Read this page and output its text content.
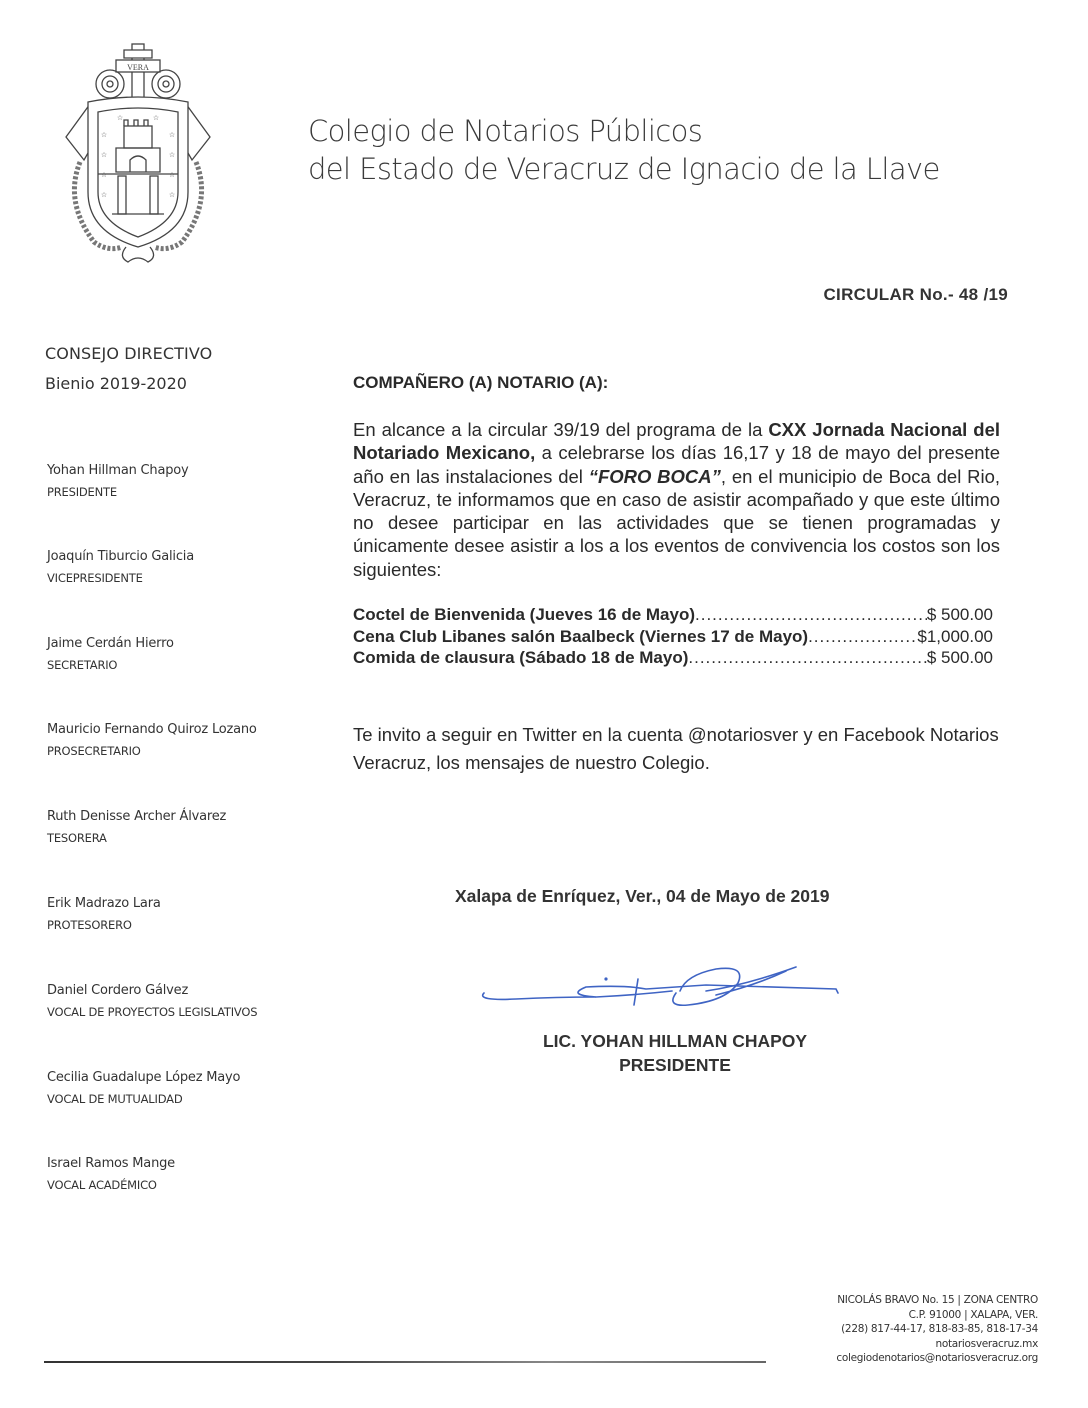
VERA
☆
☆
☆
☆
☆
☆
☆
☆
☆	☆	Colegio de Notarios Públicos
del Estado de Veracruz de Ignacio de la Llave
CIRCULAR No.- 48 /19
CONSEJO DIRECTIVO
Bienio 2019-2020
Yohan Hillman Chapoy
PRESIDENTE
Joaquín Tiburcio Galicia
VICEPRESIDENTE
Jaime Cerdán Hierro
SECRETARIO
Mauricio Fernando Quiroz Lozano
PROSECRETARIO
Ruth Denisse Archer Álvarez
TESORERA
Erik Madrazo Lara
PROTESORERO
Daniel Cordero Gálvez
VOCAL DE PROYECTOS LEGISLATIVOS
Cecilia Guadalupe López Mayo
VOCAL DE MUTUALIDAD
Israel Ramos Mange
VOCAL ACADÉMICO
COMPAÑERO (A) NOTARIO (A):
En alcance a la circular 39/19 del programa de la CXX Jornada Nacional del Notariado Mexicano, a celebrarse los días 16,17 y 18 de mayo del presente año en las instalaciones del “FORO BOCA”, en el municipio de Boca del Rio, Veracruz, te informamos que en caso de asistir acompañado y que este último no desee participar en las actividades que se tienen programadas y únicamente desee asistir a los a los eventos de convivencia los costos son los siguientes:
Coctel de Bienvenida (Jueves 16 de Mayo) .....	$ 500.00
Cena Club Libanes salón Baalbeck (Viernes 17 de Mayo) .....	$1,000.00
Comida de clausura (Sábado 18 de Mayo) .....	$ 500.00
Te invito a seguir en Twitter en la cuenta @notariosver y en Facebook Notarios Veracruz, los mensajes de nuestro Colegio.
Xalapa de Enríquez, Ver., 04 de Mayo de 2019
LIC. YOHAN HILLMAN CHAPOY
PRESIDENTE
NICOLÁS BRAVO No. 15 | ZONA CENTRO
C.P. 91000 | XALAPA, VER.
(228) 817-44-17, 818-83-85, 818-17-34
notariosveracruz.mx
colegiodenotarios@notariosveracruz.org
